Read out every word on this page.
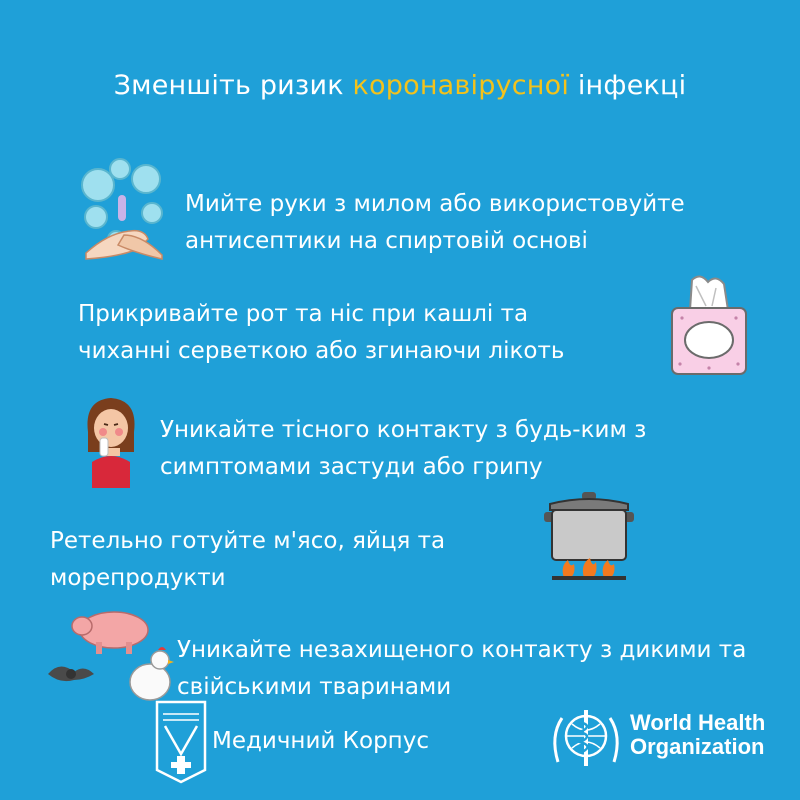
Зменшіть ризик коронавірусної інфекці
Мийте руки з милом або використовуйте
антисептики на спиртовій основі
Прикривайте рот та ніс при кашлі та
чиханні серветкою або згинаючи лікоть
Уникайте тісного контакту з будь-ким з
симптомами застуди або грипу
Ретельно готуйте м'ясо, яйця та
морепродукти
Уникайте незахищеного контакту з дикими та
свійськими тваринами
Медичний Корпус
World Health
Organization
